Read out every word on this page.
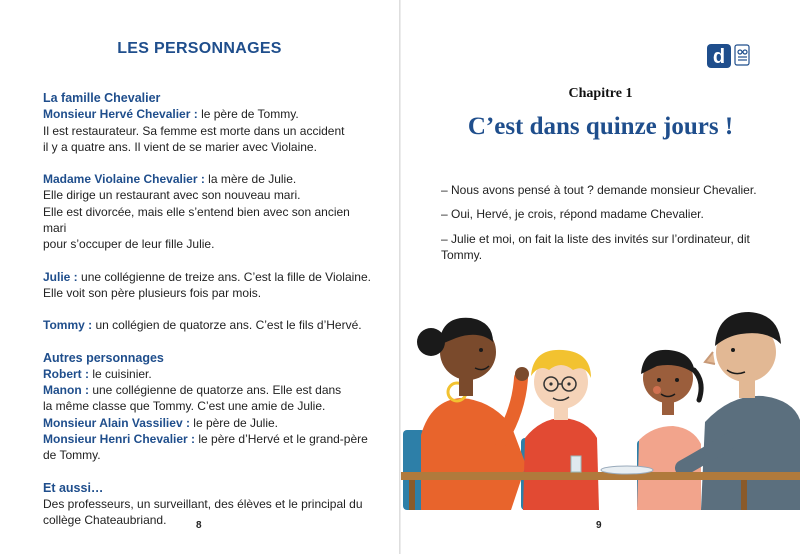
LES PERSONNAGES
La famille Chevalier
Monsieur Hervé Chevalier : le père de Tommy.
Il est restaurateur. Sa femme est morte dans un accident
il y a quatre ans. Il vient de se marier avec Violaine.
Madame Violaine Chevalier : la mère de Julie.
Elle dirige un restaurant avec son nouveau mari.
Elle est divorcée, mais elle s’entend bien avec son ancien mari
pour s’occuper de leur fille Julie.
Julie : une collégienne de treize ans. C’est la fille de Violaine.
Elle voit son père plusieurs fois par mois.
Tommy : un collégien de quatorze ans. C’est le fils d’Hervé.
Autres personnages
Robert : le cuisinier.
Manon : une collégienne de quatorze ans. Elle est dans
la même classe que Tommy. C’est une amie de Julie.
Monsieur Alain Vassiliev : le père de Julie.
Monsieur Henri Chevalier : le père d’Hervé et le grand-père
de Tommy.
Et aussi…
Des professeurs, un surveillant, des élèves et le principal du
collège Chateaubriand.	8
d
Chapitre 1
C’est dans quinze jours !

– Nous avons pensé à tout ? demande monsieur Chevalier.

– Oui, Hervé, je crois, répond madame Chevalier.

– Julie et moi, on fait la liste des invités sur l’ordinateur, dit Tommy.

9
